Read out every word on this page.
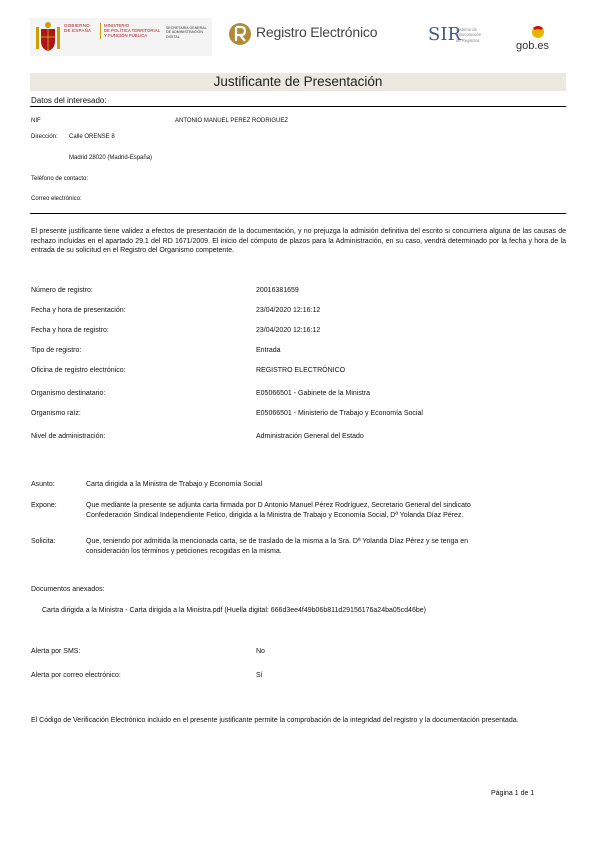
GOBIERNO
DE ESPAÑA
MINISTERIO
DE POLÍTICA TERRITORIAL
Y FUNCIÓN PÚBLICA
SECRETARÍA GENERAL
DE ADMINISTRACIÓN
DIGITAL	Registro Electrónico	SIR
Sistema de
Interconexión
de Registros	gob.es
Justificante de Presentación
Datos del interesado:
NIF	ANTONIO MANUEL PEREZ RODRIGUEZ
Dirección: Calle ORENSE 8
Madrid 28020 (Madrid-España)
Teléfono de contacto:
Correo electrónico:
El presente justificante tiene validez a efectos de presentación de la documentación, y no prejuzga la admisión definitiva del escrito si concurriera alguna de las causas de rechazo incluidas en el apartado 29.1 del RD 1671/2009. El inicio del cómputo de plazos para la Administración, en su caso, vendrá determinado por la fecha y hora de la entrada de su solicitud en el Registro del Organismo competente.
Número de registro:	20016381659
Fecha y hora de presentación:	23/04/2020 12:16:12
Fecha y hora de registro:	23/04/2020 12:16:12
Tipo de registro:	Entrada
Oficina de registro electrónico:	REGISTRO ELECTRÓNICO
Organismo destinatario:	E05066501 - Gabinete de la Ministra
Organismo raíz:	E05066501 - Ministerio de Trabajo y Economía Social
Nivel de administración:	Administración General del Estado
Asunto:	Carta dirigida a la Ministra de Trabajo y Economía Social
Expone:	Que mediante la presente se adjunta carta firmada por D Antonio Manuel Pérez Rodríguez, Secretario General del sindicato
Confederación Sindical Independiente Fetico, dirigida a la Ministra de Trabajo y Economía Social, Dª Yolanda Díaz Pérez.
Solicita:	Que, teniendo por admitida la mencionada carta, se de traslado de la misma a la Sra. Dª Yolanda Díaz Pérez y se tenga en
consideración los términos y peticiones recogidas en la misma.
Documentos anexados:
Carta dirigida a la Ministra - Carta dirigida a la Ministra.pdf (Huella digital: 666d3ee4f49b06b811d29156176a24ba05cd46be)
Alerta por SMS:	No
Alerta por correo electrónico:	Sí
El Código de Verificación Electrónico incluido en el presente justificante permite la comprobación de la integridad del registro y la documentación presentada.
Página 1 de 1
